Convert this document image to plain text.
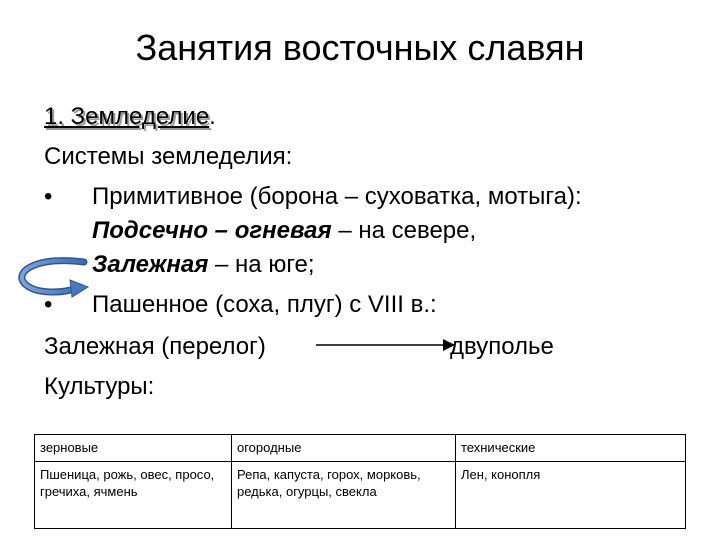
Занятия восточных славян
1. Земледелие.
Системы земледелия:
• Примитивное (борона – суховатка, мотыга):
Подсечно – огневая – на севере,
Залежная – на юге;
• Пашенное (соха, плуг) с VIII в.:
Залежная (перелог)	двуполье
Культуры:
зерновые	огородные	технические
Пшеница, рожь, овес, просо, гречиха, ячмень	Репа, капуста, горох, морковь, редька, огурцы, свекла	Лен, конопля
